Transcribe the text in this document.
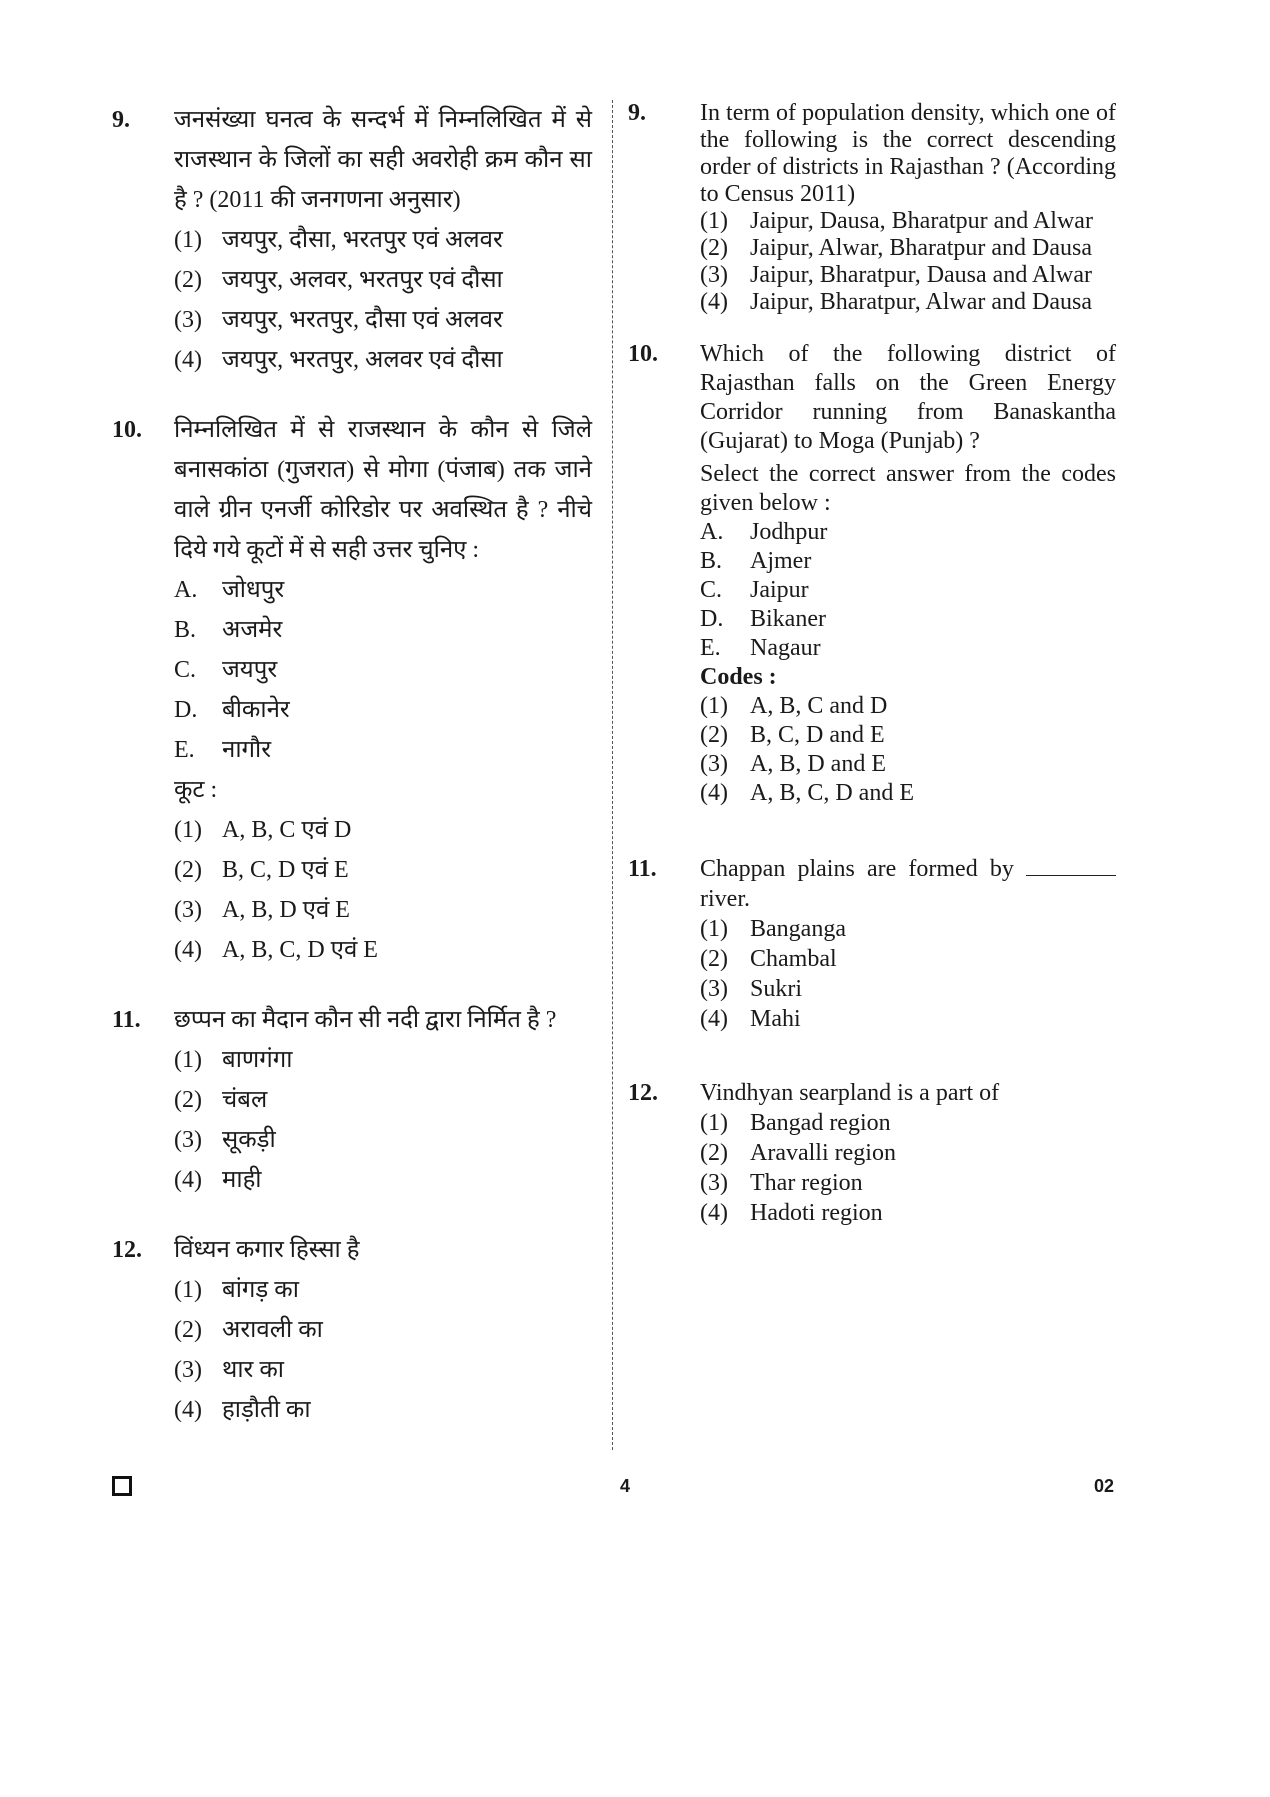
9. जनसंख्या घनत्व के सन्दर्भ में निम्नलिखित में से राजस्थान के जिलों का सही अवरोही क्रम कौन सा है ? (2011 की जनगणना अनुसार)
(1) जयपुर, दौसा, भरतपुर एवं अलवर
(2) जयपुर, अलवर, भरतपुर एवं दौसा
(3) जयपुर, भरतपुर, दौसा एवं अलवर
(4) जयपुर, भरतपुर, अलवर एवं दौसा
10. निम्नलिखित में से राजस्थान के कौन से जिले बनासकांठा (गुजरात) से मोगा (पंजाब) तक जाने वाले ग्रीन एनर्जी कोरिडोर पर अवस्थित है ? नीचे दिये गये कूटों में से सही उत्तर चुनिए :
A.	जोधपुर
B.	अजमेर
C.	जयपुर
D.	बीकानेर
E.	नागौर
कूट :
(1) A, B, C एवं D
(2) B, C, D एवं E
(3) A, B, D एवं E
(4) A, B, C, D एवं E
11. छप्पन का मैदान कौन सी नदी द्वारा निर्मित है ?
(1) बाणगंगा
(2) चंबल
(3) सूकड़ी
(4) माही
12. विंध्यन कगार हिस्सा है
(1) बांगड़ का
(2) अरावली का
(3) थार का
(4) हाड़ौती का
9. In term of population density, which one of the following is the correct descending order of districts in Rajasthan ? (According to Census 2011)
(1) Jaipur, Dausa, Bharatpur and Alwar
(2) Jaipur, Alwar, Bharatpur and Dausa
(3) Jaipur, Bharatpur, Dausa and Alwar
(4) Jaipur, Bharatpur, Alwar and Dausa
10. Which of the following district of Rajasthan falls on the Green Energy Corridor running from Banaskantha (Gujarat) to Moga (Punjab) ?
Select the correct answer from the codes given below :
A.	Jodhpur
B.	Ajmer
C.	Jaipur
D.	Bikaner
E.	Nagaur
Codes :
(1) A, B, C and D
(2) B, C, D and E
(3) A, B, D and E
(4) A, B, C, D and E
11. Chappan plains are formed by  river.
(1) Banganga
(2) Chambal
(3) Sukri
(4) Mahi
12. Vindhyan searpland is a part of
(1) Bangad region
(2) Aravalli region
(3) Thar region
(4) Hadoti region
4	02
